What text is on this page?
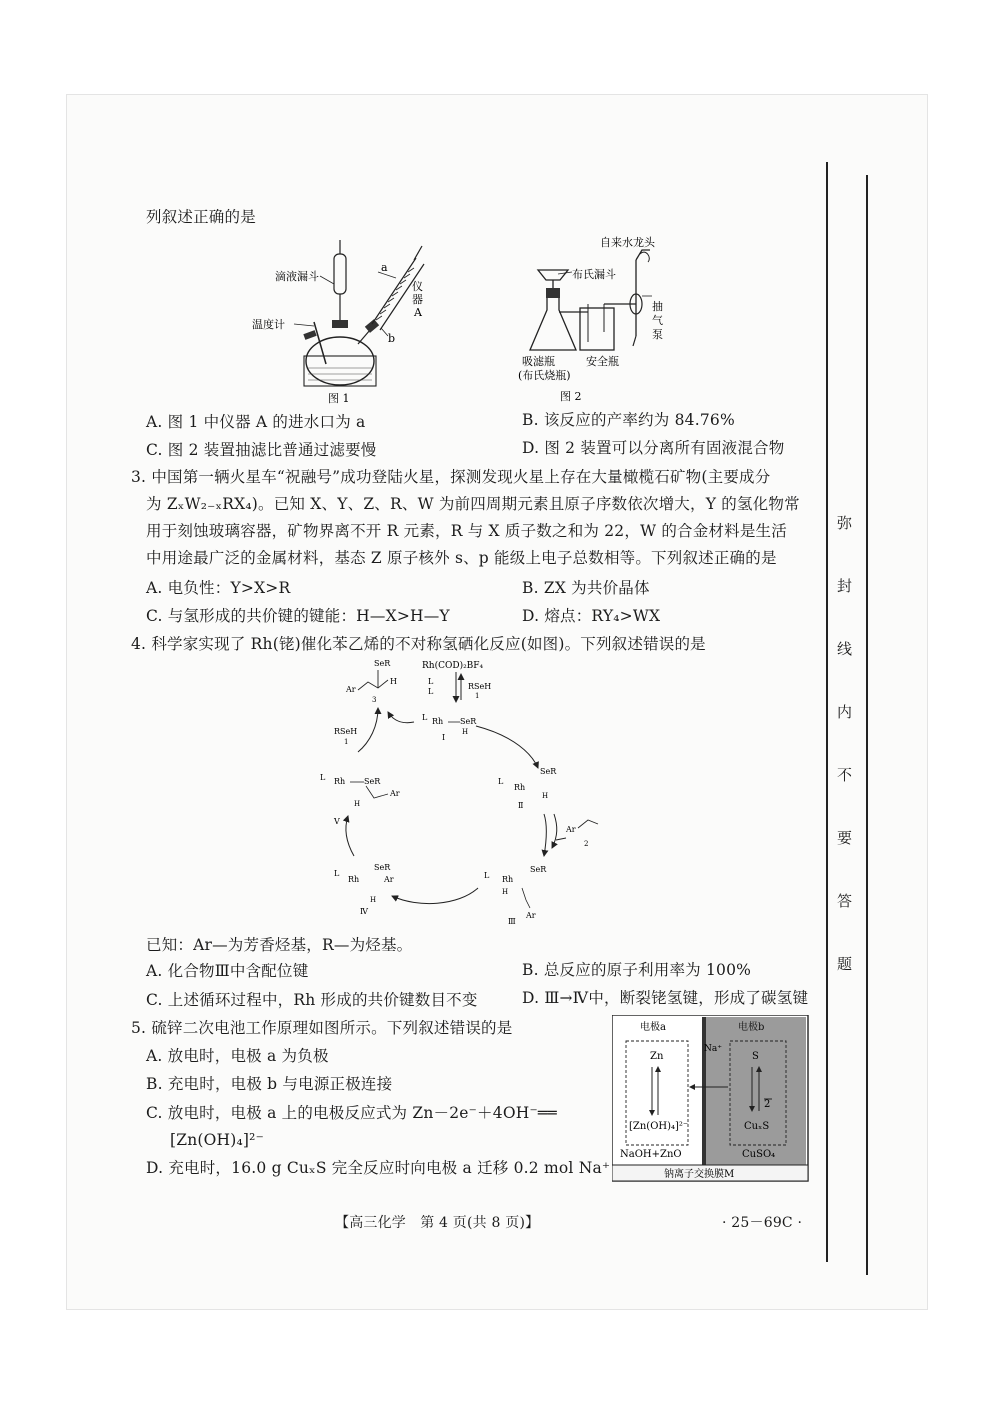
弥
封
线
内
不
要
答
题
列叙述正确的是
滴液漏斗
温度计
a
b
仪器 A
图 1
自来水龙头
布氏漏斗
抽气泵
吸滤瓶
(布氏烧瓶)
安全瓶
图 2
A. 图 1 中仪器 A 的进水口为 a	B. 该反应的产率约为 84.76%
C. 图 2 装置抽滤比普通过滤要慢	D. 图 2 装置可以分离所有固液混合物
3. 中国第一辆火星车“祝融号”成功登陆火星，探测发现火星上存在大量橄榄石矿物(主要成分
为 ZₓW₂₋ₓRX₄)。已知 X、Y、Z、R、W 为前四周期元素且原子序数依次增大，Y 的氢化物常
用于刻蚀玻璃容器，矿物界离不开 R 元素，R 与 X 质子数之和为 22，W 的合金材料是生活
中用途最广泛的金属材料，基态 Z 原子核外 s、p 能级上电子总数相等。下列叙述正确的是
A. 电负性：Y>X>R	B. ZX 为共价晶体
C. 与氢形成的共价键的键能：H—X>H—Y	D. 熔点：RY₄>WX
4. 科学家实现了 Rh(铑)催化苯乙烯的不对称氢硒化反应(如图)。下列叙述错误的是
Rh(COD)₂BF₄
L
L
RSeH
1
SeR
Ar
H
3
L Rh SeR
H
I
RSeH
1
L Rh SeR
Ar
H
V
L
Rh
SeR
H
Ⅱ
Ar
2
L Rh
SeR
H
Ar
Ⅲ
L
Rh
SeR
Ar
H
Ⅳ
已知：Ar—为芳香烃基，R—为烃基。
A. 化合物Ⅲ中含配位键	B. 总反应的原子利用率为 100%
C. 上述循环过程中，Rh 形成的共价键数目不变	D. Ⅲ→Ⅳ中，断裂铑氢键，形成了碳氢键
5. 硫锌二次电池工作原理如图所示。下列叙述错误的是
A. 放电时，电极 a 为负极
B. 充电时，电极 b 与电源正极连接
C. 放电时，电极 a 上的电极反应式为 Zn－2e⁻＋4OH⁻══
[Zn(OH)₄]²⁻
D. 充电时，16.0 g CuₓS 完全反应时向电极 a 迁移 0.2 mol Na⁺
电极a	电极b
Zn
[Zn(OH)₄]²⁻
S
2
CuₓS
Na⁺
NaOH+ZnO	CuSO₄
钠离子交换膜M
【高三化学　第 4 页(共 8 页)】	· 25－69C ·
